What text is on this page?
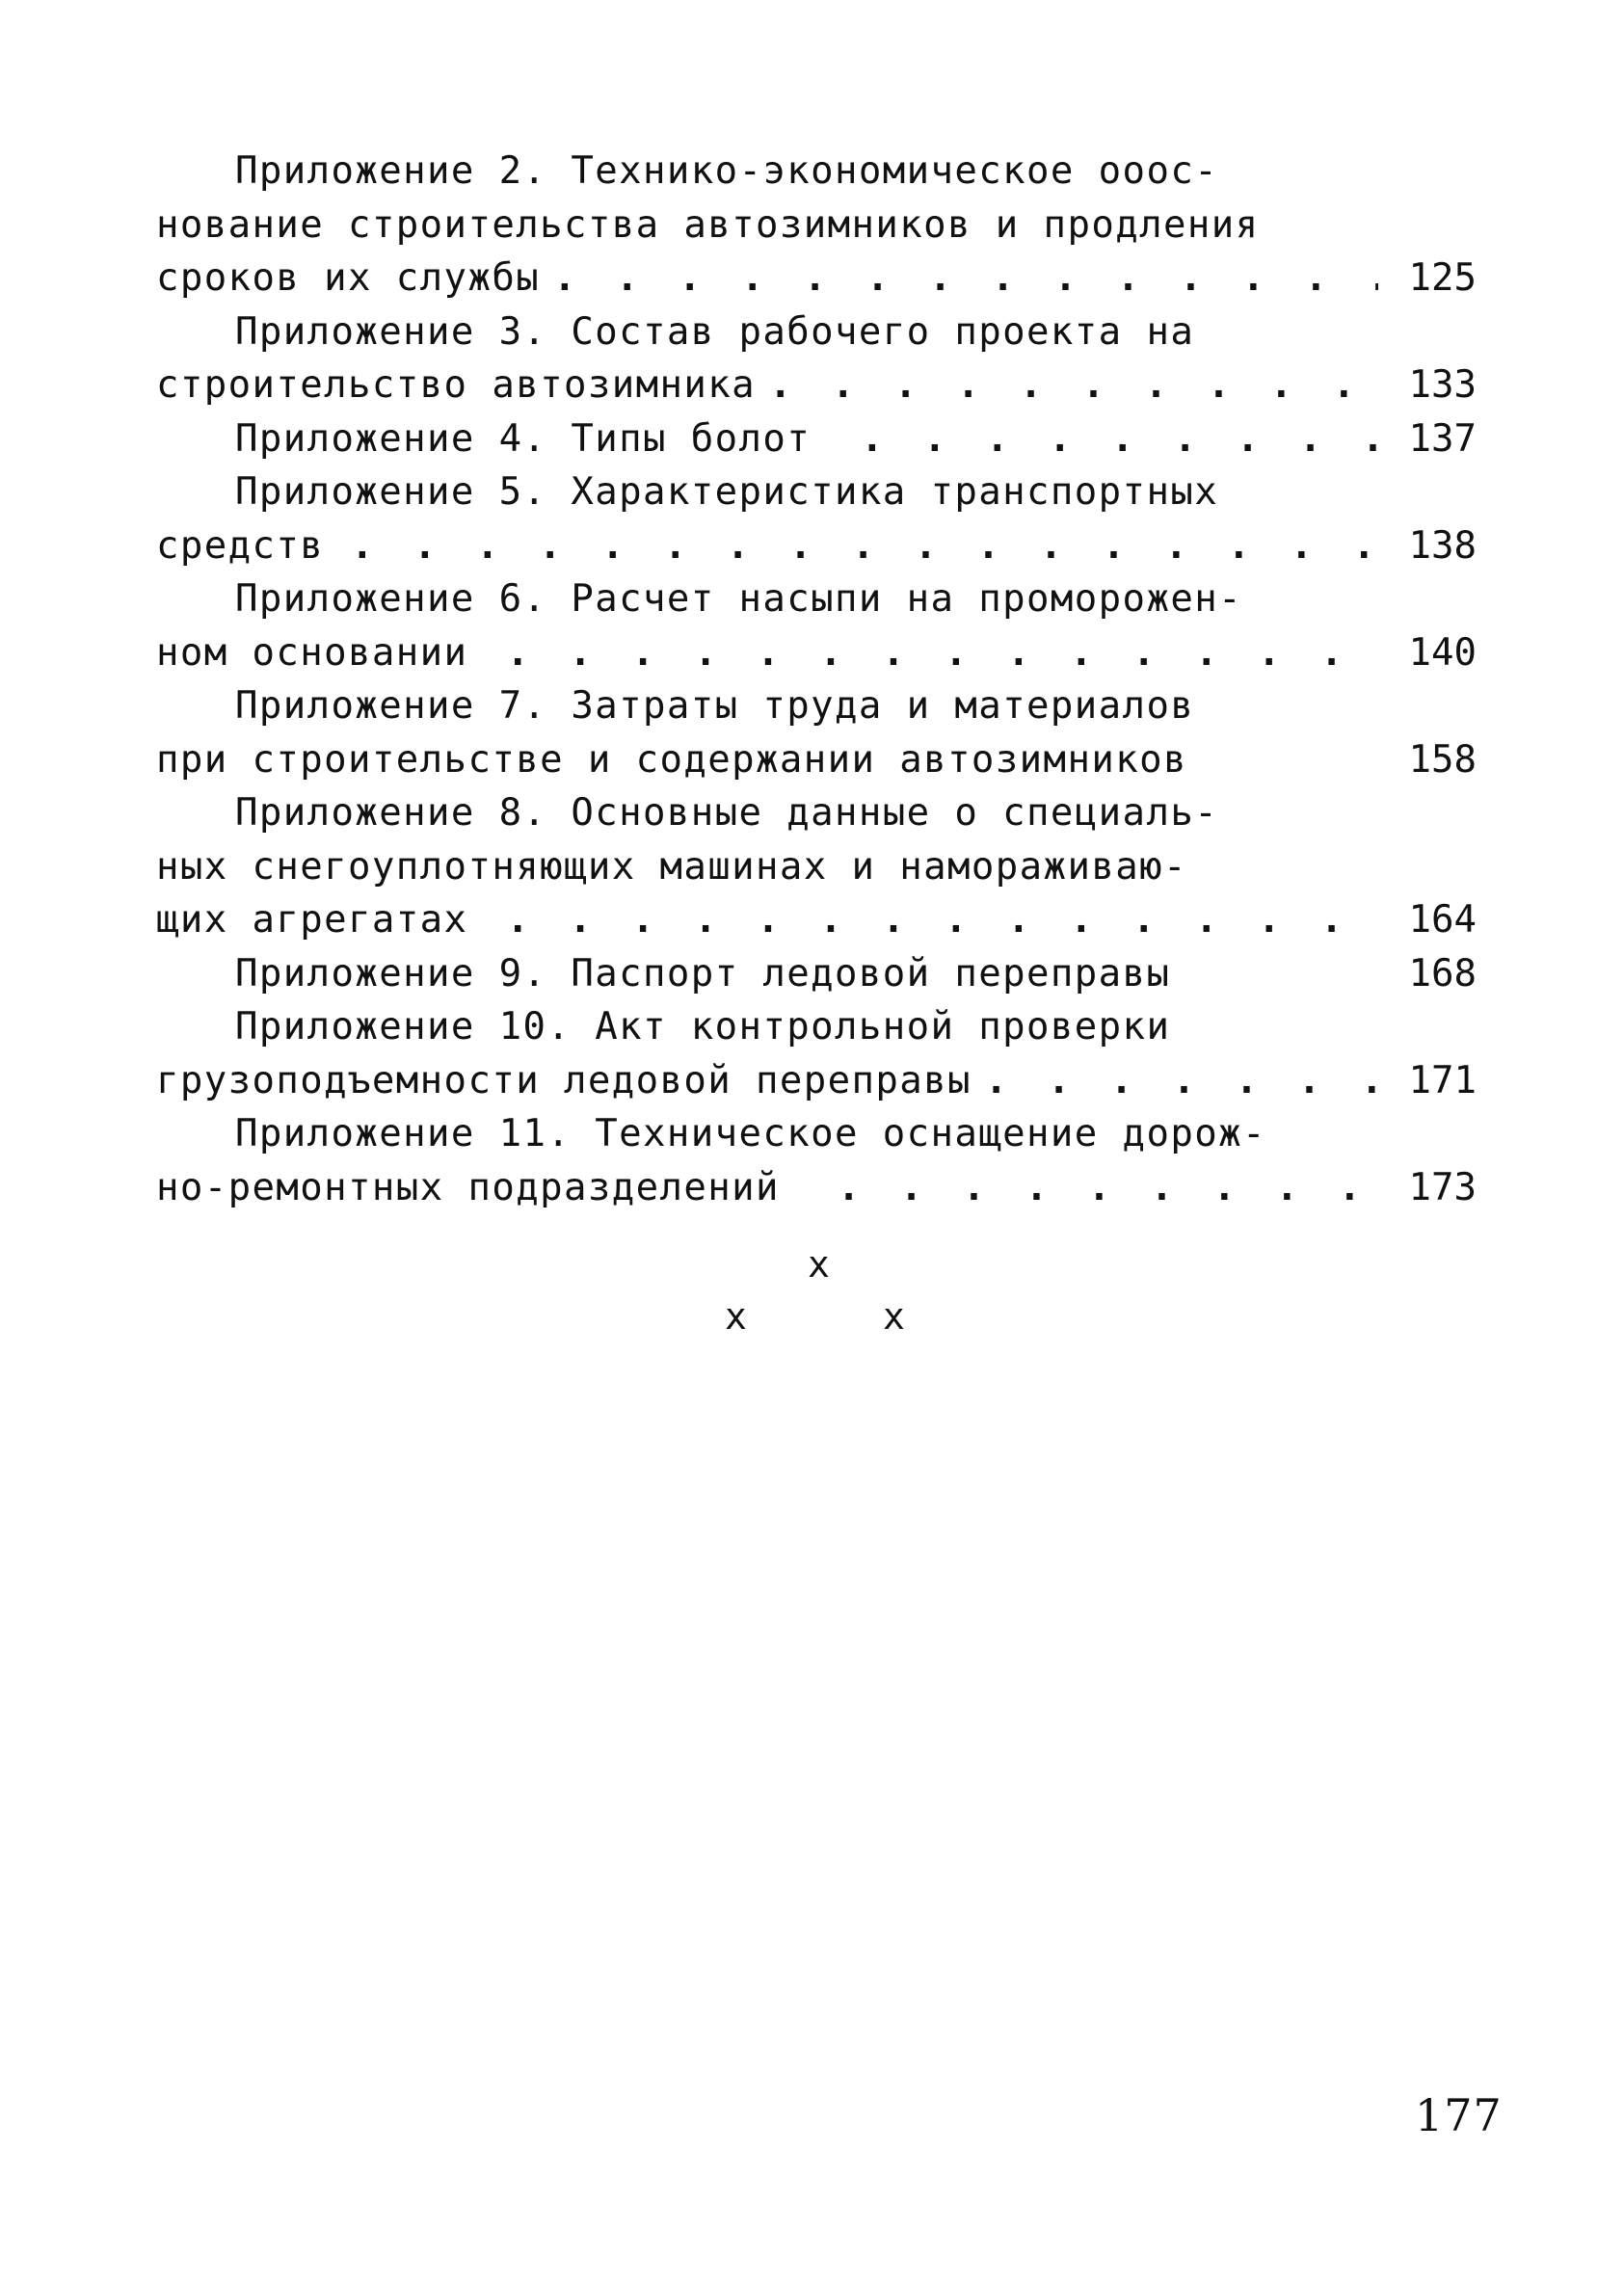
Приложение 2. Технико-экономическое ооос-
нование строительства автозимников и продления
сроков их службы . . .	125
Приложение 3. Состав рабочего проекта на
строительство автозимника . . .	133
Приложение 4. Типы болот . . .	137
Приложение 5. Характеристика транспортных
средств . . .	138
Приложение 6. Расчет насыпи на проморожен-
ном основании . . .	140
Приложение 7. Затраты труда и материалов
при строительстве и содержании автозимников	158
Приложение 8. Основные данные о специаль-
ных снегоуплотняющих машинах и намораживаю-
щих агрегатах . . .	164
Приложение 9. Паспорт ледовой переправы	168
Приложение 10. Акт контрольной проверки
грузоподъемности ледовой переправы . . .	171
Приложение 11. Техническое оснащение дорож-
но-ремонтных подразделений . . .	173
x
x	x
177
